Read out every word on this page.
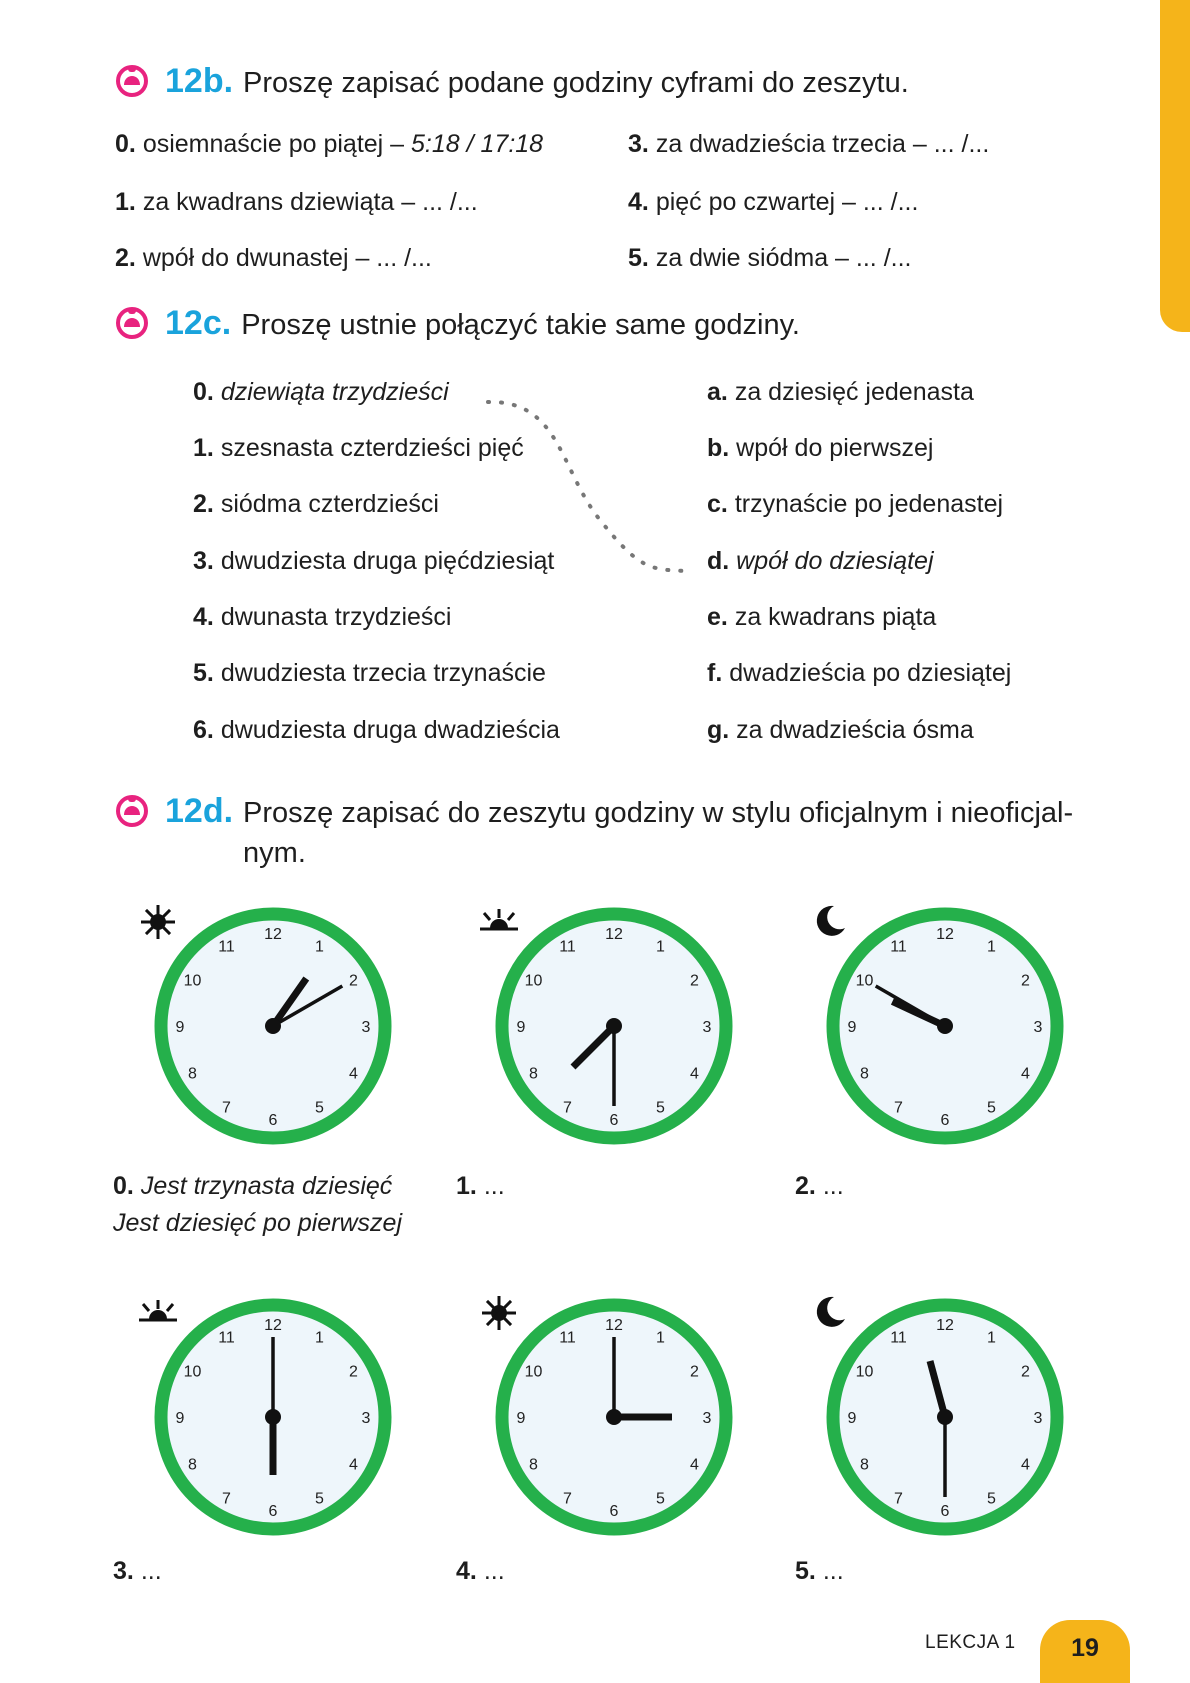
12b. Proszę zapisać podane godziny cyframi do zeszytu.
0. osiemnaście po piątej – 5:18 / 17:18
1. za kwadrans dziewiąta – ... /...
2. wpół do dwunastej – ... /...
3. za dwadzieścia trzecia – ... /...
4. pięć po czwartej – ... /...
5. za dwie siódma – ... /...
12c. Proszę ustnie połączyć takie same godziny.
12d. Proszę zapisać do zeszytu godziny w stylu oficjalnym i nieoficjal-
nym.
LEKCJA 1	19
0. dziewiąta trzydzieści
1. szesnasta czterdzieści pięć
2. siódma czterdzieści
3. dwudziesta druga pięćdziesiąt
4. dwunasta trzydzieści
5. dwudziesta trzecia trzynaście
6. dwudziesta druga dwadzieścia
a. za dziesięć jedenasta
b. wpół do pierwszej
c. trzynaście po jedenastej
d. wpół do dziesiątej
e. za kwadrans piąta
f. dwadzieścia po dziesiątej
g. za dwadzieścia ósma
12
1
2
3
4
5
6
7
8
9
10
11
0. Jest trzynasta dziesięć
Jest dziesięć po pierwszej
12
1
2
3
4
5
6
7
8
9
10
11
1. ...
12
1
2
3
4
5
6
7
8
9
10
11
2. ...
12
1
2
3
4
5
6
7
8
9
10
11
3. ...
12
1
2
3
4
5
6
7
8
9
10
11
4. ...
12
1
2
3
4
5
6
7
8
9
10
11
5. ...
